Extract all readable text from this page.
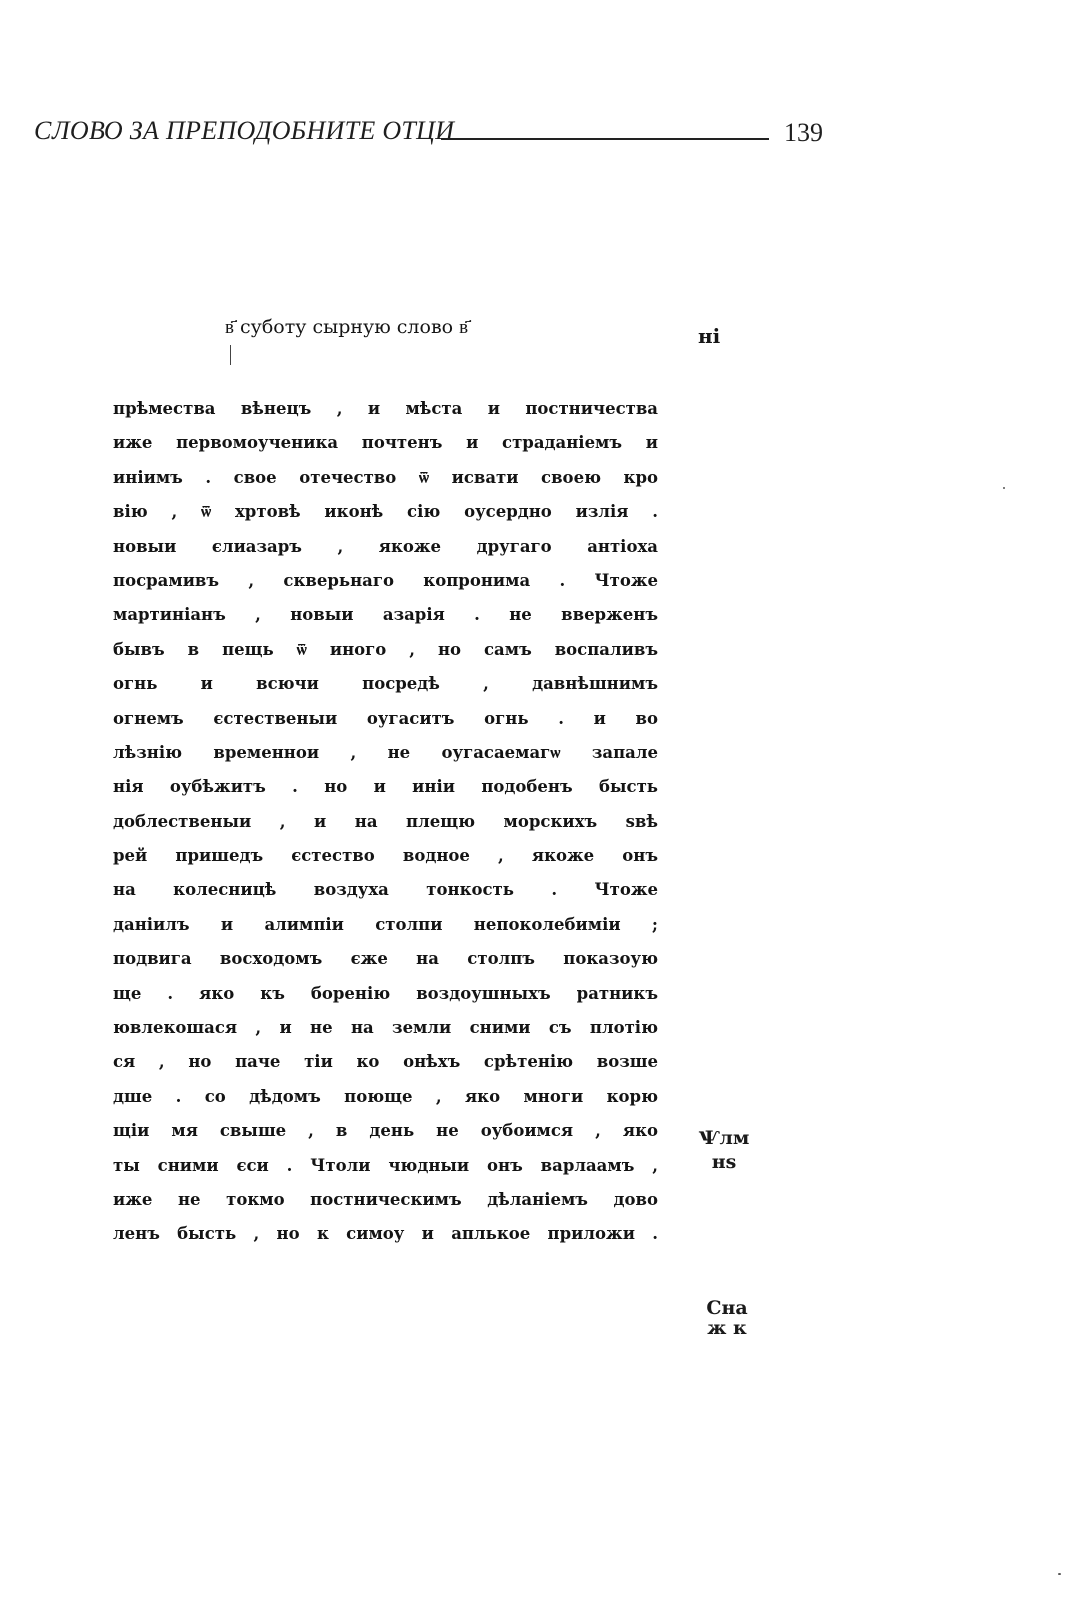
СЛОВО ЗА ПРЕПОДОБНИТЕ ОТЦИ	139
в҃ суботу сырную слово в҃	ні
прѣмества вѣнецъ , и мѣста и постничества
иже первомоученика почтенъ и страданіемъ и
иніимъ . свое отечество ѿ исвати своею кро
вію , ѿ хртовѣ иконѣ сію оусердно излія .
новыи єлиазаръ , якоже другаго антіоха
посрамивъ , скверьнаго копронима . Чтоже
мартиніанъ , новыи азарія . не вверженъ
бывъ в пещь ѿ иного , но самъ воспаливъ
огнь и всючи посредѣ , давнѣшнимъ
огнемъ єстественыи оугаситъ огнь . и во
лѣзнію временнои , не оугасаемагѡ запале
нія оубѣжитъ . но и иніи подобенъ бысть
доблественыи , и на плещю морскихъ ѕвѣ
рей пришедъ єстество водное , якоже онъ
на колесницѣ воздуха тонкость . Чтоже
даніилъ и алимпіи столпи непоколебиміи ;
подвига восходомъ єже на столпъ показоую
ще . яко къ боренію воздоушныхъ ратникъ
ювлекошася , и не на земли сними съ плотію
ся , но паче тіи ко онѣхъ срѣтенію возше
дше . со дѣдомъ поюще , яко многи корю
щіи мя свыше , в день не оубоимся , яко
ты сними єси . Чтоли чюдныи онъ варлаамъ ,
иже не токмо постническимъ дѣланіемъ дово
ленъ бысть , но к симоу и аплькое приложи .
Ѱлм нѕ
Сна ж к
